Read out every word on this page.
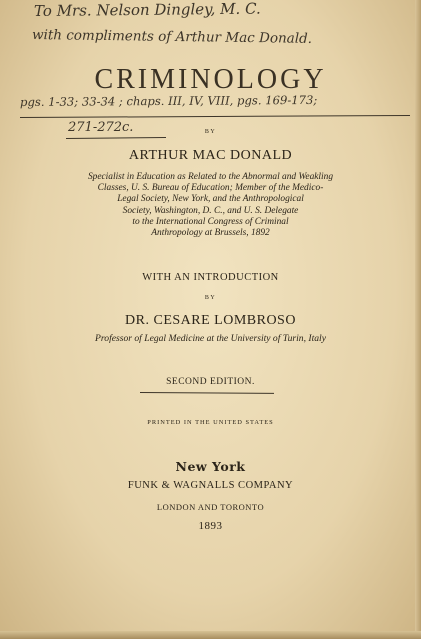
To Mrs. Nelson Dingley, M. C.
with compliments of Arthur Mac Donald.
CRIMINOLOGY
pgs. 1-33; 33-34 ; chaps. III, IV, VIII, pgs. 169-173;
271-272c.	BY
ARTHUR MAC DONALD
Specialist in Education as Related to the Abnormal and Weakling
Classes, U. S. Bureau of Education; Member of the Medico-
Legal Society, New York, and the Anthropological
Society, Washington, D. C., and U. S. Delegate
to the International Congress of Criminal
Anthropology at Brussels, 1892
WITH AN INTRODUCTION
BY
DR. CESARE LOMBROSO
Professor of Legal Medicine at the University of Turin, Italy
SECOND EDITION.
PRINTED IN THE UNITED STATES
New York
FUNK & WAGNALLS COMPANY
LONDON AND TORONTO
1893
